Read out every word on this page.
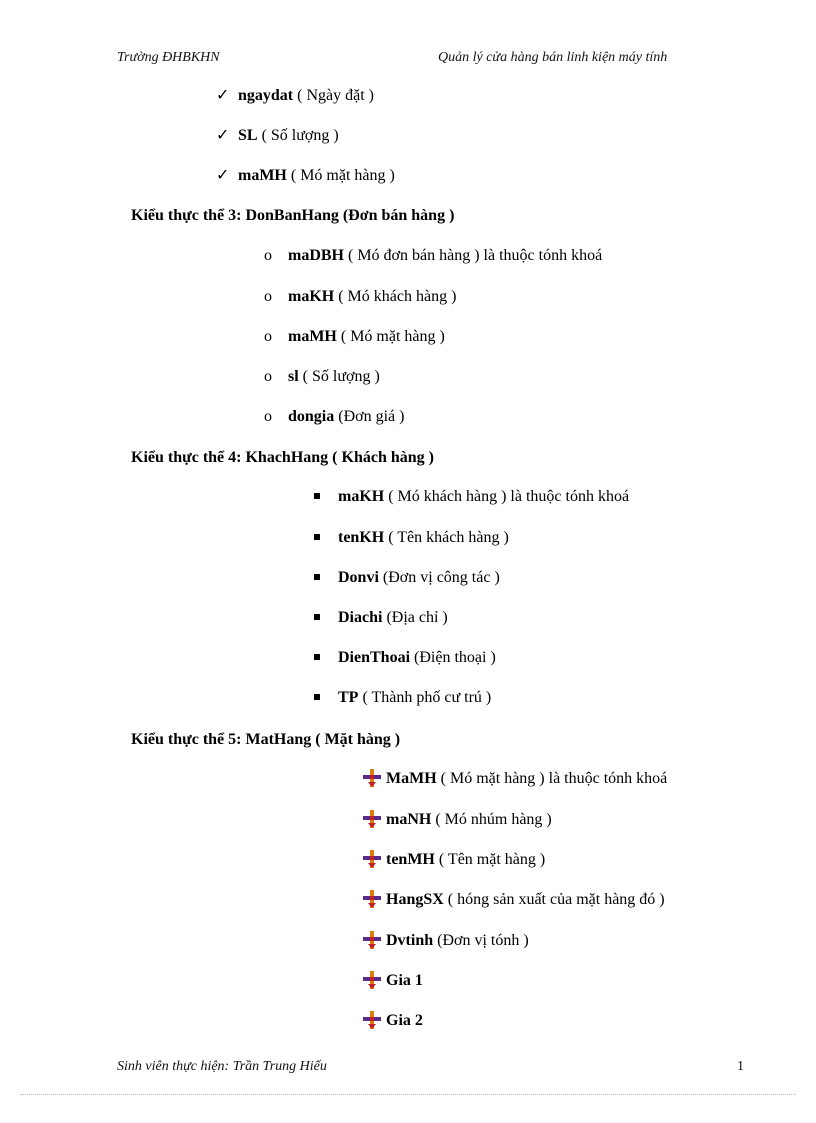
Trường ĐHBKHN	Quản lý cửa hàng bán linh kiện máy tính
✓ ngaydat ( Ngày đặt )
✓ SL ( Số lượng )
✓ maMH ( Mó mặt hàng )
Kiểu thực thể 3: DonBanHang (Đơn bán hàng )
o	maDBH ( Mó đơn bán hàng ) là thuộc tónh khoá
o	maKH ( Mó khách hàng )
o	maMH ( Mó mặt hàng )
o	sl ( Số lượng )
o	dongia (Đơn giá )
Kiểu thực thể 4: KhachHang ( Khách hàng )
maKH ( Mó khách hàng ) là thuộc tónh khoá
tenKH ( Tên khách hàng )
Donvi (Đơn vị công tác )
Diachi (Địa chỉ )
DienThoai (Điện thoại )
TP ( Thành phố cư trú )
Kiểu thực thể 5: MatHang ( Mặt hàng )
MaMH ( Mó mặt hàng ) là thuộc tónh khoá
maNH ( Mó nhúm hàng )
tenMH ( Tên mặt hàng )
HangSX ( hóng sản xuất của mặt hàng đó )
Dvtinh (Đơn vị tónh )
Gia 1
Gia 2
Sinh viên thực hiện: Trần Trung Hiếu	1
